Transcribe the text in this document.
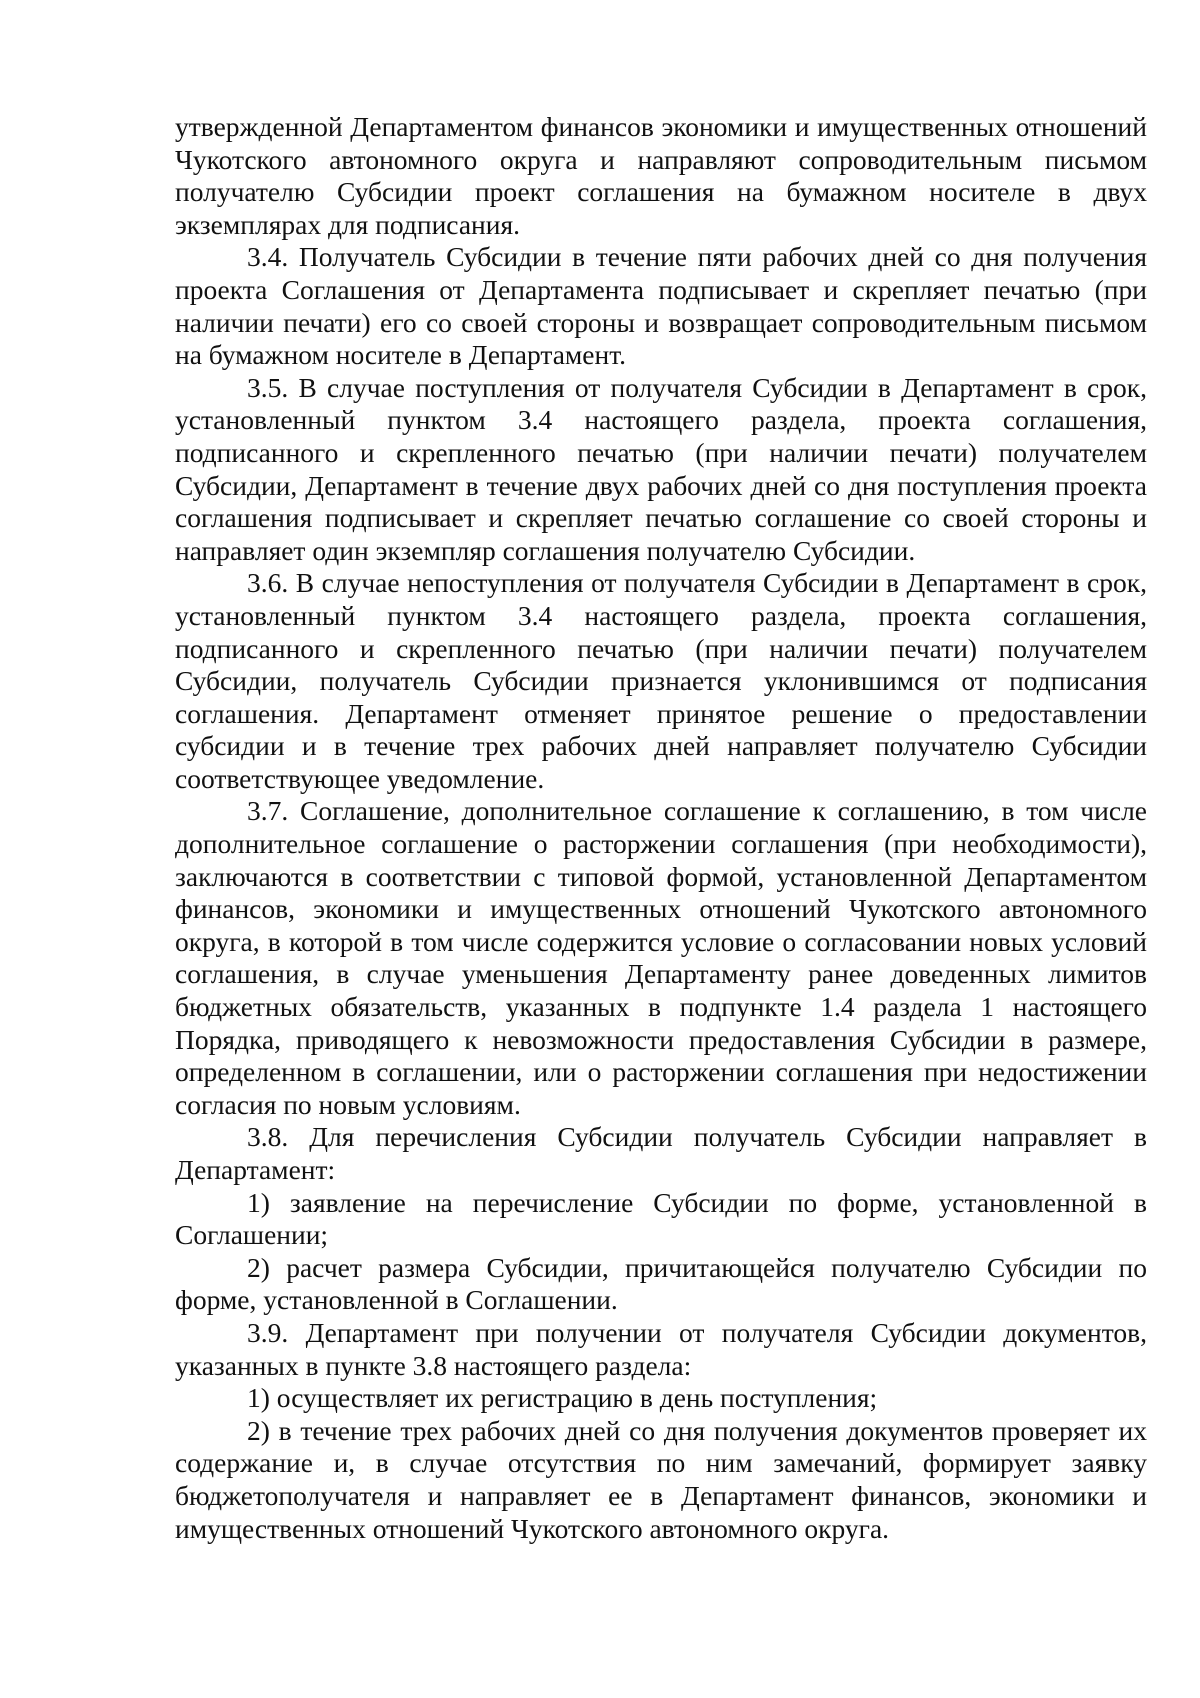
утвержденной Департаментом финансов экономики и имущественных отношений Чукотского автономного округа и направляют сопроводительным письмом получателю Субсидии проект соглашения на бумажном носителе в двух экземплярах для подписания.

3.4. Получатель Субсидии в течение пяти рабочих дней со дня получения проекта Соглашения от Департамента подписывает и скрепляет печатью (при наличии печати) его со своей стороны и возвращает сопроводительным письмом на бумажном носителе в Департамент.

3.5. В случае поступления от получателя Субсидии в Департамент в срок, установленный пунктом 3.4 настоящего раздела, проекта соглашения, подписанного и скрепленного печатью (при наличии печати) получателем Субсидии, Департамент в течение двух рабочих дней со дня поступления проекта соглашения подписывает и скрепляет печатью соглашение со своей стороны и направляет один экземпляр соглашения получателю Субсидии.

3.6. В случае непоступления от получателя Субсидии в Департамент в срок, установленный пунктом 3.4 настоящего раздела, проекта соглашения, подписанного и скрепленного печатью (при наличии печати) получателем Субсидии, получатель Субсидии признается уклонившимся от подписания соглашения. Департамент отменяет принятое решение о предоставлении субсидии и в течение трех рабочих дней направляет получателю Субсидии соответствующее уведомление.

3.7. Соглашение, дополнительное соглашение к соглашению, в том числе дополнительное соглашение о расторжении соглашения (при необходимости), заключаются в соответствии с типовой формой, установленной Департаментом финансов, экономики и имущественных отношений Чукотского автономного округа, в которой в том числе содержится условие о согласовании новых условий соглашения, в случае уменьшения Департаменту ранее доведенных лимитов бюджетных обязательств, указанных в подпункте 1.4 раздела 1 настоящего Порядка, приводящего к невозможности предоставления Субсидии в размере, определенном в соглашении, или о расторжении соглашения при недостижении согласия по новым условиям.

3.8. Для перечисления Субсидии получатель Субсидии направляет в Департамент:

1) заявление на перечисление Субсидии по форме, установленной в Соглашении;

2) расчет размера Субсидии, причитающейся получателю Субсидии по форме, установленной в Соглашении.

3.9. Департамент при получении от получателя Субсидии документов, указанных в пункте 3.8 настоящего раздела:

1) осуществляет их регистрацию в день поступления;

2) в течение трех рабочих дней со дня получения документов проверяет их содержание и, в случае отсутствия по ним замечаний, формирует заявку бюджетополучателя и направляет ее в Департамент финансов, экономики и имущественных отношений Чукотского автономного округа.
